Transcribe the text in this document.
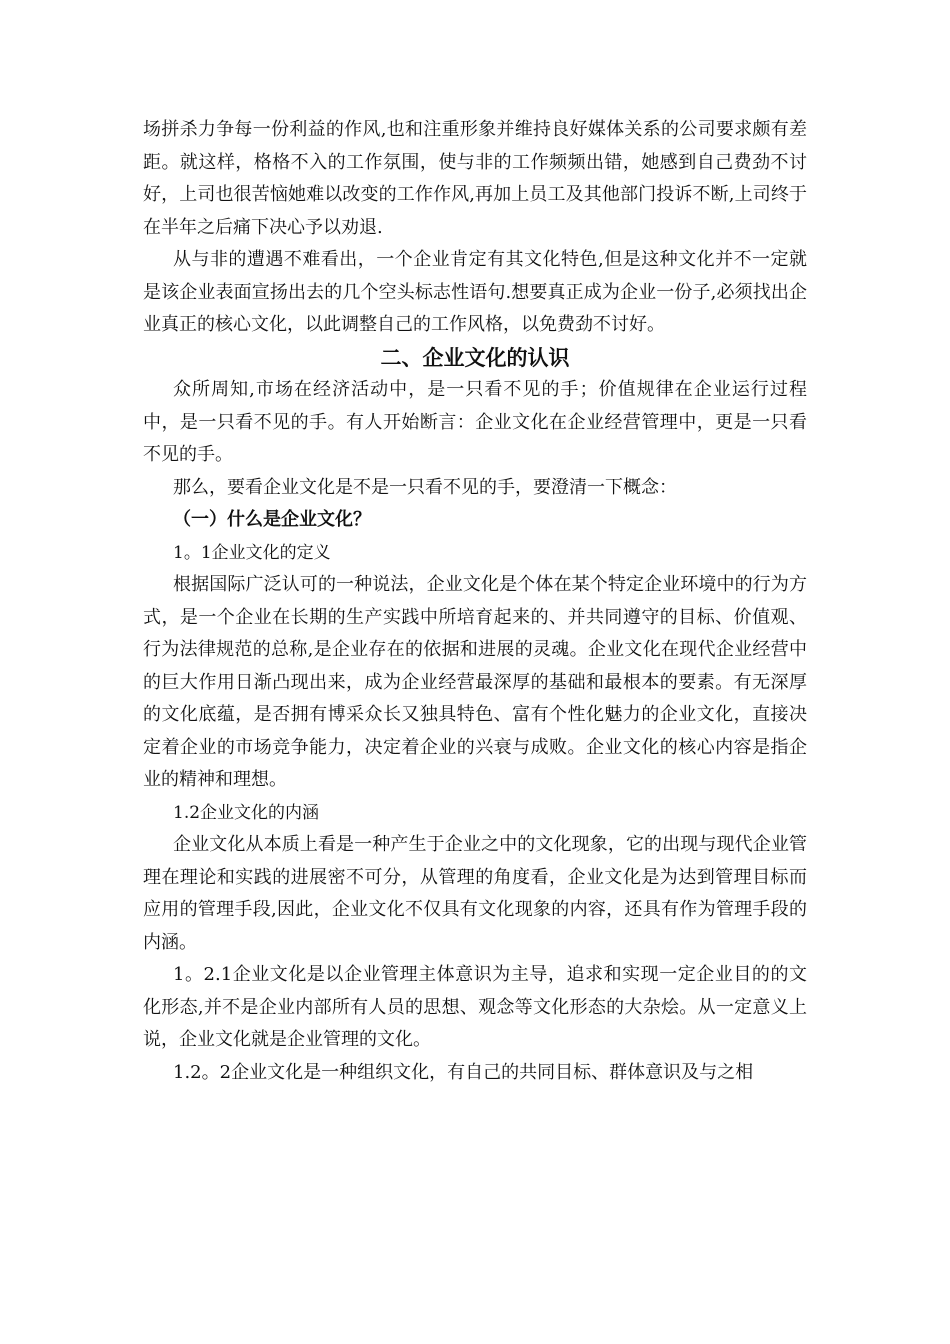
场拼杀力争每一份利益的作风,也和注重形象并维持良好媒体关系的公司要求颇有差距。就这样，格格不入的工作氛围，使与非的工作频频出错，她感到自己费劲不讨好，上司也很苦恼她难以改变的工作作风,再加上员工及其他部门投诉不断,上司终于在半年之后痛下决心予以劝退.

从与非的遭遇不难看出，一个企业肯定有其文化特色,但是这种文化并不一定就是该企业表面宣扬出去的几个空头标志性语句.想要真正成为企业一份子,必须找出企业真正的核心文化，以此调整自己的工作风格，以免费劲不讨好。

二、企业文化的认识

众所周知,市场在经济活动中，是一只看不见的手；价值规律在企业运行过程中，是一只看不见的手。有人开始断言：企业文化在企业经营管理中，更是一只看不见的手。

那么，要看企业文化是不是一只看不见的手，要澄清一下概念：

（一）什么是企业文化？

1。1企业文化的定义

根据国际广泛认可的一种说法，企业文化是个体在某个特定企业环境中的行为方式，是一个企业在长期的生产实践中所培育起来的、并共同遵守的目标、价值观、行为法律规范的总称,是企业存在的依据和进展的灵魂。企业文化在现代企业经营中的巨大作用日渐凸现出来，成为企业经营最深厚的基础和最根本的要素。有无深厚的文化底蕴，是否拥有博采众长又独具特色、富有个性化魅力的企业文化，直接决定着企业的市场竞争能力，决定着企业的兴衰与成败。企业文化的核心内容是指企业的精神和理想。

1.2企业文化的内涵

企业文化从本质上看是一种产生于企业之中的文化现象，它的出现与现代企业管理在理论和实践的进展密不可分，从管理的角度看，企业文化是为达到管理目标而应用的管理手段,因此，企业文化不仅具有文化现象的内容，还具有作为管理手段的内涵。

1。2.1企业文化是以企业管理主体意识为主导，追求和实现一定企业目的的文化形态,并不是企业内部所有人员的思想、观念等文化形态的大杂烩。从一定意义上说，企业文化就是企业管理的文化。

1.2。2企业文化是一种组织文化，有自己的共同目标、群体意识及与之相
